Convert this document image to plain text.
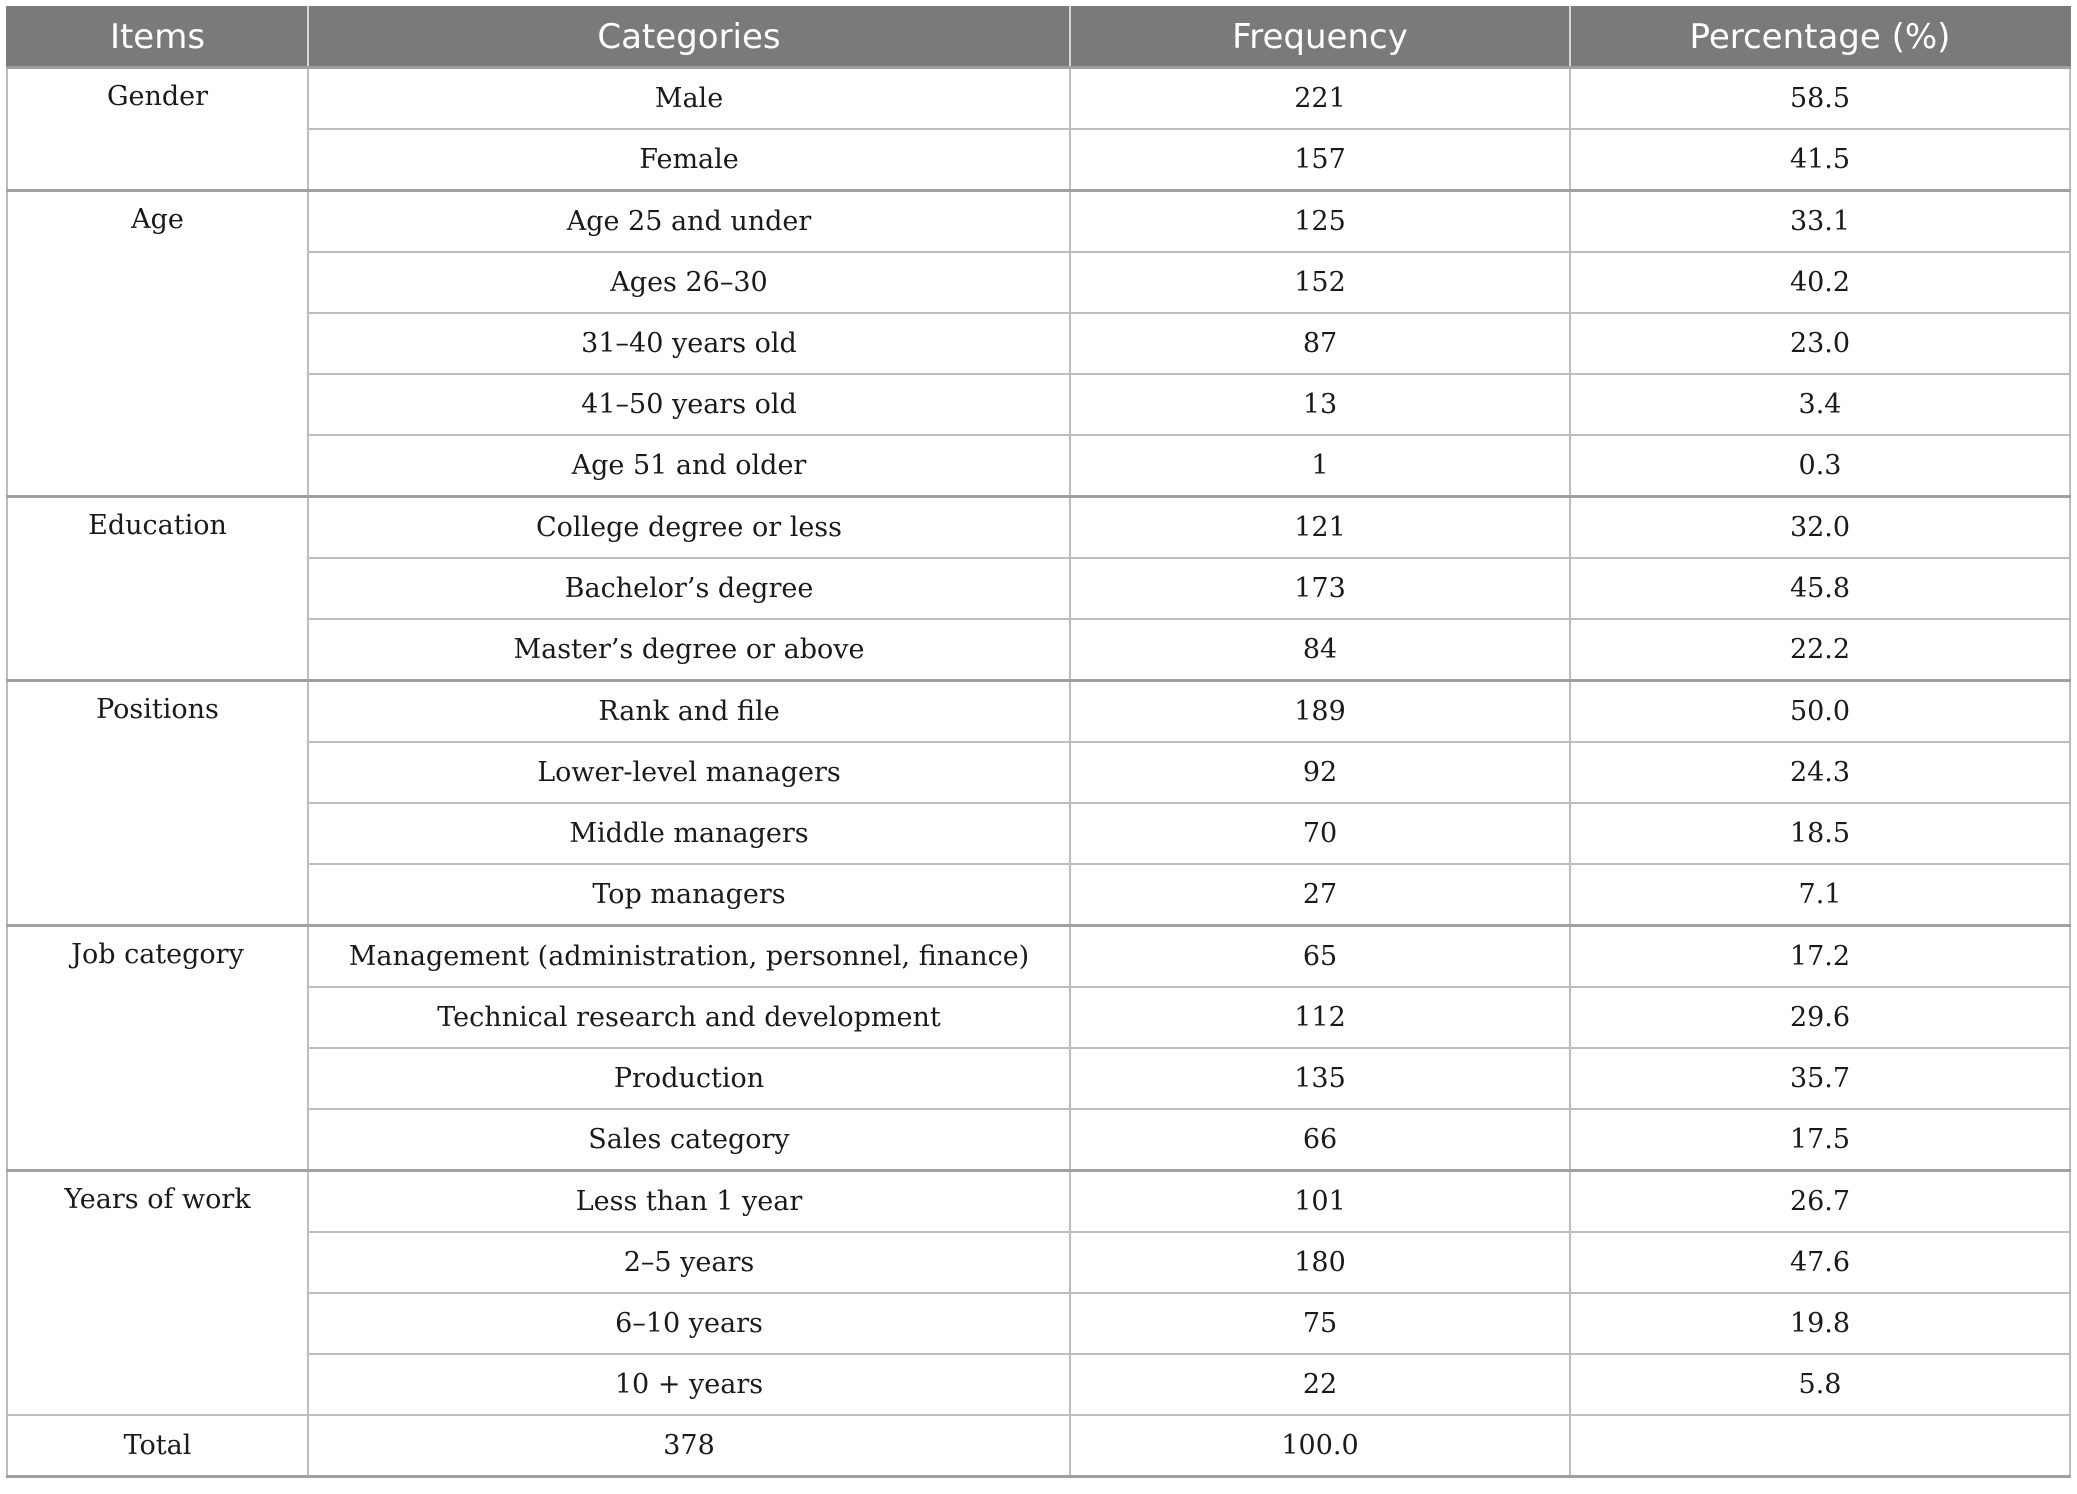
Items	Categories	Frequency	Percentage (%)
Gender	Male	221	58.5
	Female	157	41.5
Age	Age 25 and under	125	33.1
	Ages 26–30	152	40.2
	31–40 years old	87	23.0
	41–50 years old	13	3.4
	Age 51 and older	1	0.3
Education	College degree or less	121	32.0
	Bachelor’s degree	173	45.8
	Master’s degree or above	84	22.2
Positions	Rank and file	189	50.0
	Lower-level managers	92	24.3
	Middle managers	70	18.5
	Top managers	27	7.1
Job category	Management (administration, personnel, finance)	65	17.2
	Technical research and development	112	29.6
	Production	135	35.7
	Sales category	66	17.5
Years of work	Less than 1 year	101	26.7
	2–5 years	180	47.6
	6–10 years	75	19.8
	10 + years	22	5.8
Total	378	100.0	
